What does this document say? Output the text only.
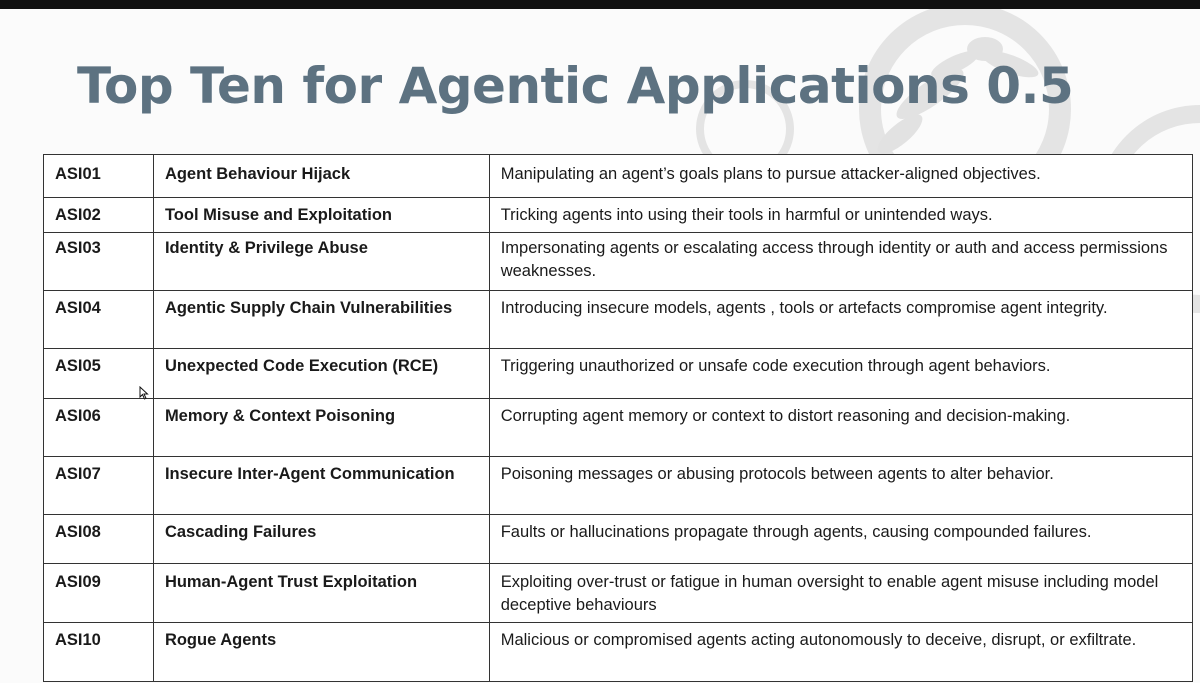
Top Ten for Agentic Applications 0.5
ASI01	Agent Behaviour Hijack	Manipulating an agent’s goals plans to pursue attacker-aligned objectives.
ASI02	Tool Misuse and Exploitation	Tricking agents into using their tools in harmful or unintended ways.
ASI03	Identity & Privilege Abuse	Impersonating agents or escalating access through identity or auth and access permissions weaknesses.
ASI04	Agentic Supply Chain Vulnerabilities	Introducing insecure models, agents , tools or artefacts compromise agent integrity.
ASI05	Unexpected Code Execution (RCE)	Triggering unauthorized or unsafe code execution through agent behaviors.
ASI06	Memory & Context Poisoning	Corrupting agent memory or context to distort reasoning and decision-making.
ASI07	Insecure Inter-Agent Communication	Poisoning messages or abusing protocols between agents to alter behavior.
ASI08	Cascading Failures	Faults or hallucinations propagate through agents, causing compounded failures.
ASI09	Human-Agent Trust Exploitation	Exploiting over-trust or fatigue in human oversight to enable agent misuse including model deceptive behaviours
ASI10	Rogue Agents	Malicious or compromised agents acting autonomously to deceive, disrupt, or exfiltrate.
